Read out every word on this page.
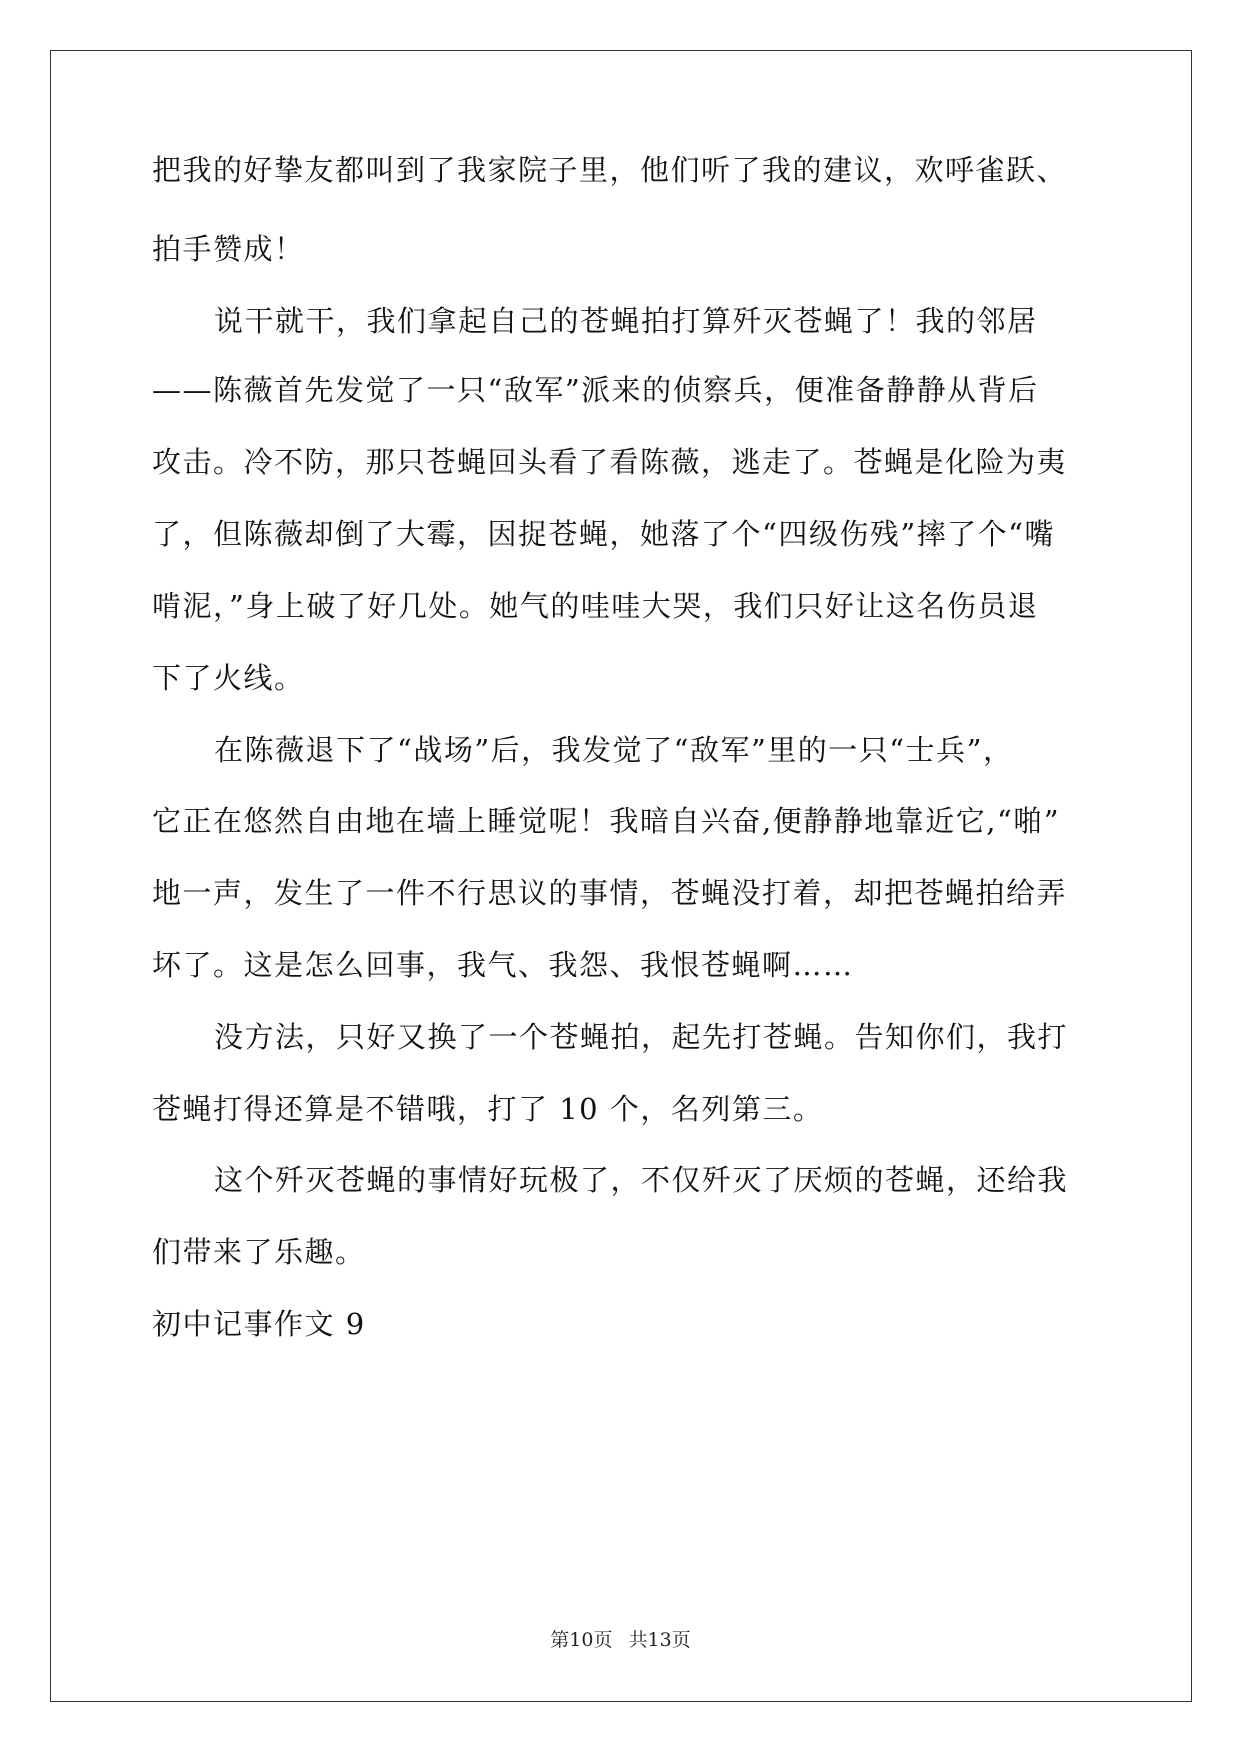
把我的好挚友都叫到了我家院子里，他们听了我的建议，欢呼雀跃、
拍手赞成！
说干就干，我们拿起自己的苍蝇拍打算歼灭苍蝇了！我的邻居
——陈薇首先发觉了一只“敌军”派来的侦察兵，便准备静静从背后
攻击。冷不防，那只苍蝇回头看了看陈薇，逃走了。苍蝇是化险为夷
了，但陈薇却倒了大霉，因捉苍蝇，她落了个“四级伤残”摔了个“嘴
啃泥，”身上破了好几处。她气的哇哇大哭，我们只好让这名伤员退
下了火线。
在陈薇退下了“战场”后，我发觉了“敌军”里的一只“士兵”，
它正在悠然自由地在墙上睡觉呢！我暗自兴奋,便静静地靠近它,“啪”
地一声，发生了一件不行思议的事情，苍蝇没打着，却把苍蝇拍给弄
坏了。这是怎么回事，我气、我怨、我恨苍蝇啊……
没方法，只好又换了一个苍蝇拍，起先打苍蝇。告知你们，我打
苍蝇打得还算是不错哦，打了 10 个，名列第三。
这个歼灭苍蝇的事情好玩极了，不仅歼灭了厌烦的苍蝇，还给我
们带来了乐趣。
初中记事作文 9
第10页 共13页
